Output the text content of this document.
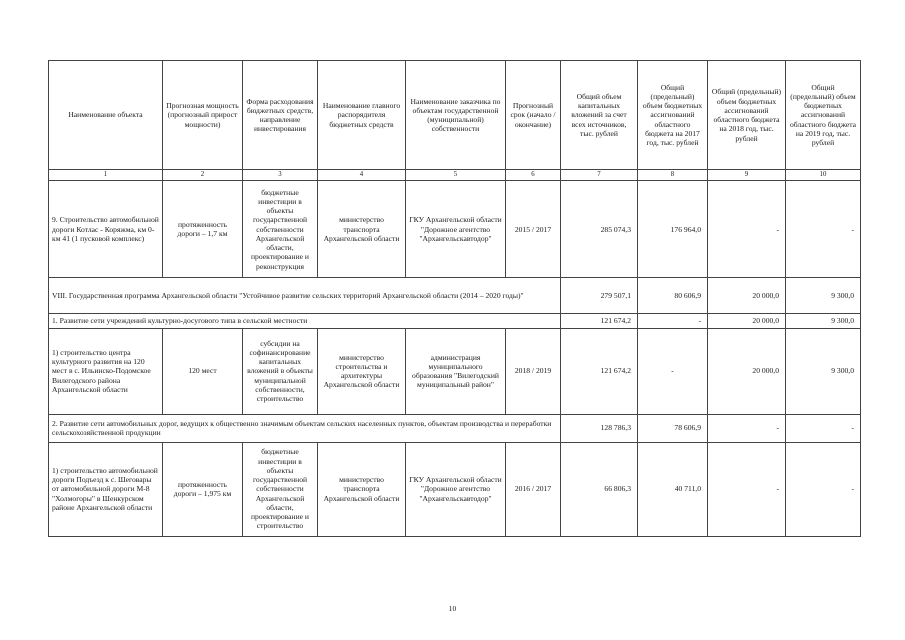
Наименование объекта	Прогнозная мощность (прогнозный прирост мощности)	Форма расходования бюджетных средств, направление инвестирования	Наименование главного распорядителя бюджетных средств	Наименование заказчика по объектам государственной (муниципальной) собственности	Прогнозный срок (начало / окончание)	Общий объем капитальных вложений за счет всех источников, тыс. рублей	Общий (предельный) объем бюджетных ассигнований областного бюджета на 2017 год, тыс. рублей	Общий (предельный) объем бюджетных ассигнований областного бюджета на 2018 год, тыс. рублей	Общий (предельный) объем бюджетных ассигнований областного бюджета на 2019 год, тыс. рублей
1	2	3	4	5	6	7	8	9	10
9. Строительство автомобильной дороги Котлас - Коряжма, км 0-км 41 (1 пусковой комплекс)	протяженность дороги – 1,7 км	бюджетные инвестиции в объекты государственной собственности Архангельской области, проектирование и реконструкция	министерство транспорта Архангельской области	ГКУ Архангельской области "Дорожное агентство "Архангельскавтодор"	2015 / 2017	285 074,3	176 964,0	-	-
VIII. Государственная программа Архангельской области "Устойчивое развитие сельских территорий Архангельской области (2014 – 2020 годы)"						279 507,1	80 606,9	20 000,0	9 300,0
1. Развитие сети учреждений культурно-досугового типа в сельской местности						121 674,2	-	20 000,0	9 300,0
1) строительство центра культурного развития на 120 мест в с. Ильинско-Подомское Вилегодского района Архангельской области	120 мест	субсидии на софинансирование капитальных вложений в объекты муниципальной собственности, строительство	министерство строительства и архитектуры Архангельской области	администрация муниципального образования "Вилегодский муниципальный район"	2018 / 2019	121 674,2	-	20 000,0	9 300,0
2. Развитие сети автомобильных дорог, ведущих к общественно значимым объектам сельских населенных пунктов, объектам производства и переработки сельскохозяйственной продукции						128 786,3	78 606,9	-	-
1) строительство автомобильной дороги Подъезд к с. Шеговары от автомобильной дороги М-8 "Холмогоры" в Шенкурском районе Архангельской области	протяженность дороги – 1,975 км	бюджетные инвестиции в объекты государственной собственности Архангельской области, проектирование и строительство	министерство транспорта Архангельской области	ГКУ Архангельской области "Дорожное агентство "Архангельскавтодор"	2016 / 2017	66 806,3	40 711,0	-	-
10
